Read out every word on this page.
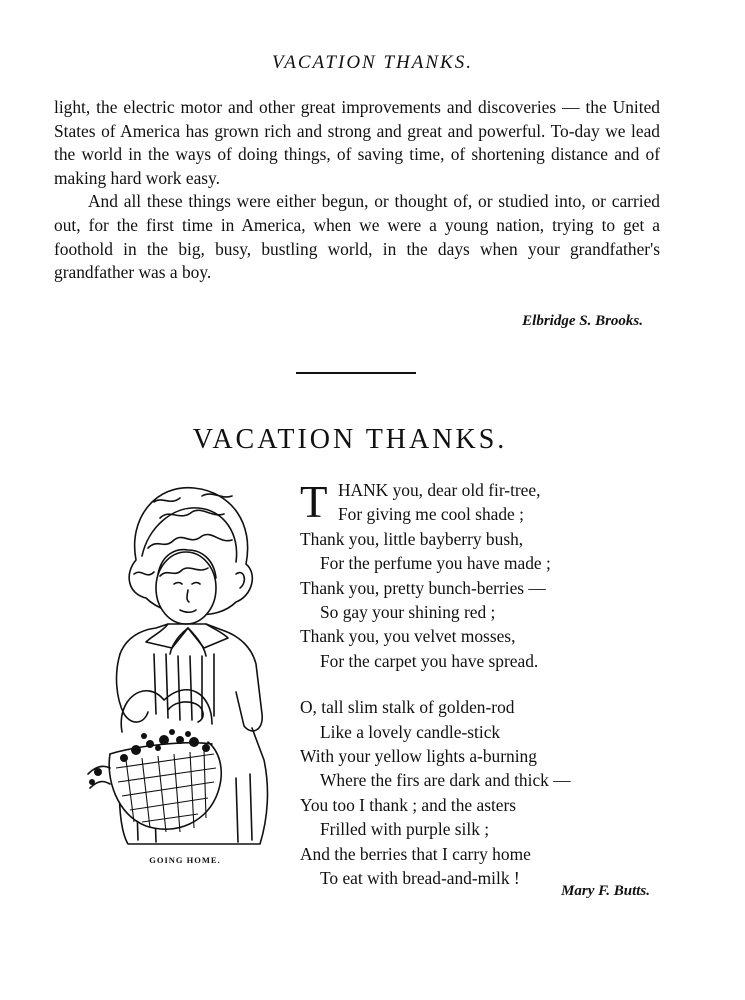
VACATION THANKS.

light, the electric motor and other great improvements and discoveries — the United States of America has grown rich and strong and great and powerful. To-day we lead the world in the ways of doing things, of saving time, of shortening distance and of making hard work easy.

And all these things were either begun, or thought of, or studied into, or carried out, for the first time in America, when we were a young nation, trying to get a foothold in the big, busy, bustling world, in the days when your grandfather's grandfather was a boy.

Elbridge S. Brooks.
VACATION THANKS.
GOING HOME.
T HANK you, dear old fir-tree,
For giving me cool shade ;
Thank you, little bayberry bush,
For the perfume you have made ;
Thank you, pretty bunch-berries —
So gay your shining red ;
Thank you, you velvet mosses,
For the carpet you have spread.
O, tall slim stalk of golden-rod
Like a lovely candle-stick
With your yellow lights a-burning
Where the firs are dark and thick —
You too I thank ; and the asters
Frilled with purple silk ;
And the berries that I carry home
To eat with bread-and-milk !
Mary F. Butts.
